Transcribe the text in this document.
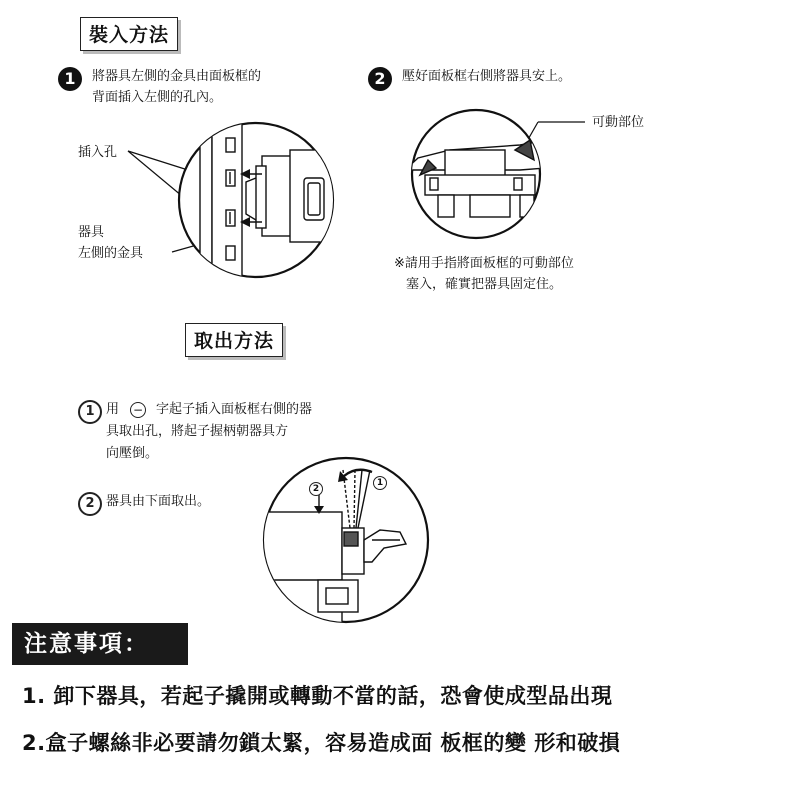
裝入方法
1	將器具左側的金具由面板框的
背面插入左側的孔內。
2	壓好面板框右側將器具安上。
插入孔
器具
左側的金具
可動部位
※請用手指將面板框的可動部位
塞入，確實把器具固定住。
取出方法
1 用 − 字起子插入面板框右側的器
具取出孔，將起子握柄朝器具方
向壓倒。
2 器具由下面取出。
2
1
注意事項：
1. 卸下器具，若起子撬開或轉動不當的話，恐會使成型品出現
2.盒子螺絲非必要請勿鎖太緊，容易造成面 板框的變 形和破損
